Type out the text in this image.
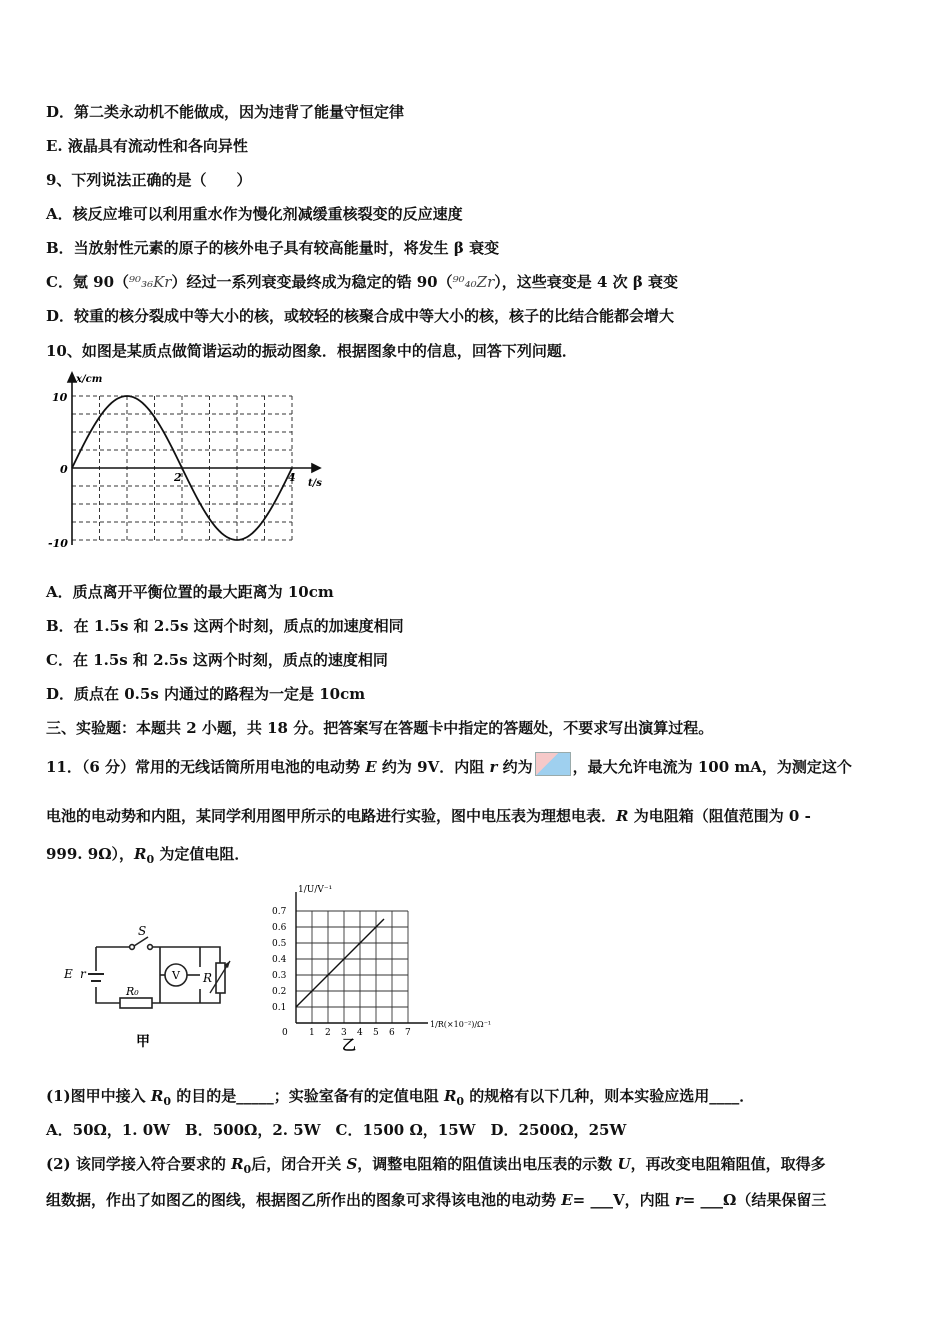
D．第二类永动机不能做成，因为违背了能量守恒定律
E. 液晶具有流动性和各向异性
9、下列说法正确的是（　　）
A．核反应堆可以利用重水作为慢化剂减缓重核裂变的反应速度
B．当放射性元素的原子的核外电子具有较高能量时，将发生 β 衰变
C．氪 90（⁹⁰₃₆Kr）经过一系列衰变最终成为稳定的锆 90（⁹⁰₄₀Zr），这些衰变是 4 次 β 衰变
D．较重的核分裂成中等大小的核，或较轻的核聚合成中等大小的核，核子的比结合能都会增大
10、如图是某质点做简谐运动的振动图象．根据图象中的信息，回答下列问题．
x/cm
t/s
10
0
-10
2	4
A．质点离开平衡位置的最大距离为 10cm
B．在 1.5s 和 2.5s 这两个时刻，质点的加速度相同
C．在 1.5s 和 2.5s 这两个时刻，质点的速度相同
D．质点在 0.5s 内通过的路程为一定是 10cm
三、实验题：本题共 2 小题，共 18 分。把答案写在答题卡中指定的答题处，不要求写出演算过程。
11．（6 分）常用的无线话筒所用电池的电动势 E 约为 9V．内阻 r 约为	，最大允许电流为 100 mA，为测定这个
电池的电动势和内阻，某同学利用图甲所示的电路进行实验，图中电压表为理想电表．R 为电阻箱（阻值范围为 0 -
999. 9Ω），$R_0$ 为定值电阻．
E r
S
V R
R₀
甲
0.1
0.2
0.3
0.4
0.5
0.6
0.7
0 1 2 3 4 5 6 7
1/U/V⁻¹
1/R(×10⁻²)/Ω⁻¹
乙
(1)图甲中接入 $R_0$ 的目的是_____；实验室备有的定值电阻 $R_0$ 的规格有以下几种，则本实验应选用____．
A．50Ω，1. 0W　B．500Ω，2. 5W　C．1500 Ω，15W　D．2500Ω，25W
(2) 该同学接入符合要求的 $R_0$后，闭合开关 S，调整电阻箱的阻值读出电压表的示数 U，再改变电阻箱阻值，取得多
组数据，作出了如图乙的图线，根据图乙所作出的图象可求得该电池的电动势 E= ___V，内阻 r= ___Ω（结果保留三
